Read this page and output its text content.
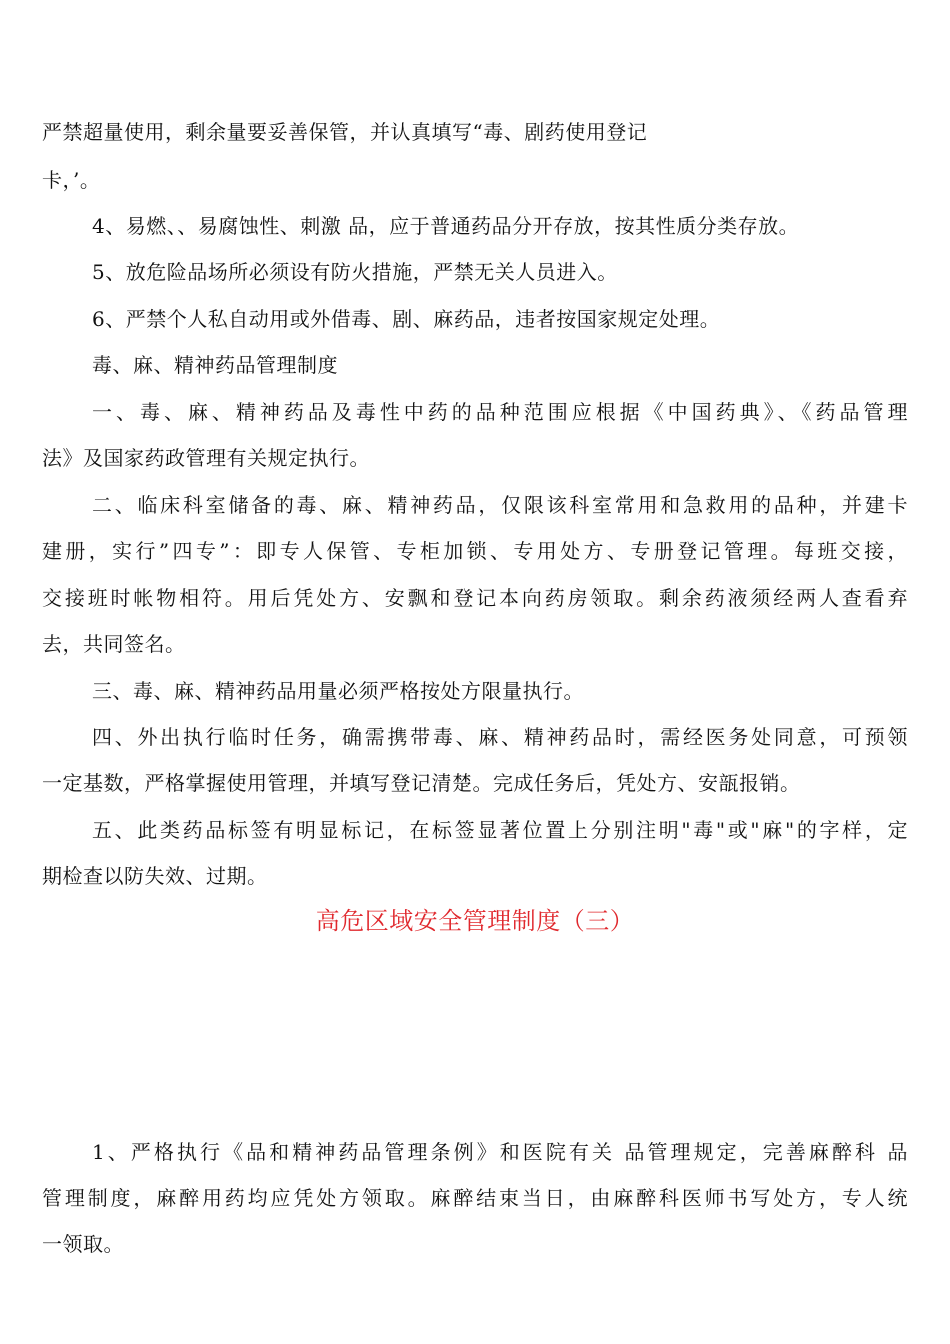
严禁超量使用，剩余量要妥善保管，并认真填写“毒、剧药使用登记
卡，’。
4、易燃、、易腐蚀性、刺激 品，应于普通药品分开存放，按其性质分类存放。
5、放危险品场所必须设有防火措施，严禁无关人员进入。
6、严禁个人私自动用或外借毒、剧、麻药品，违者按国家规定处理。
毒、麻、精神药品管理制度
一、毒、麻、精神药品及毒性中药的品种范围应根据《中国药典》、《药品管理
法》及国家药政管理有关规定执行。
二、临床科室储备的毒、麻、精神药品，仅限该科室常用和急救用的品种，并建卡
建册，实行”四专”：即专人保管、专柜加锁、专用处方、专册登记管理。每班交接，
交接班时帐物相符。用后凭处方、安飘和登记本向药房领取。剩余药液须经两人查看弃
去，共同签名。
三、毒、麻、精神药品用量必须严格按处方限量执行。
四、外出执行临时任务，确需携带毒、麻、精神药品时，需经医务处同意，可预领
一定基数，严格掌握使用管理，并填写登记清楚。完成任务后，凭处方、安瓿报销。
五、此类药品标签有明显标记，在标签显著位置上分别注明"毒"或"麻"的字样，定
期检查以防失效、过期。
高危区域安全管理制度（三）
1、严格执行《品和精神药品管理条例》和医院有关 品管理规定，完善麻醉科 品
管理制度，麻醉用药均应凭处方领取。麻醉结束当日，由麻醉科医师书写处方，专人统
一领取。
